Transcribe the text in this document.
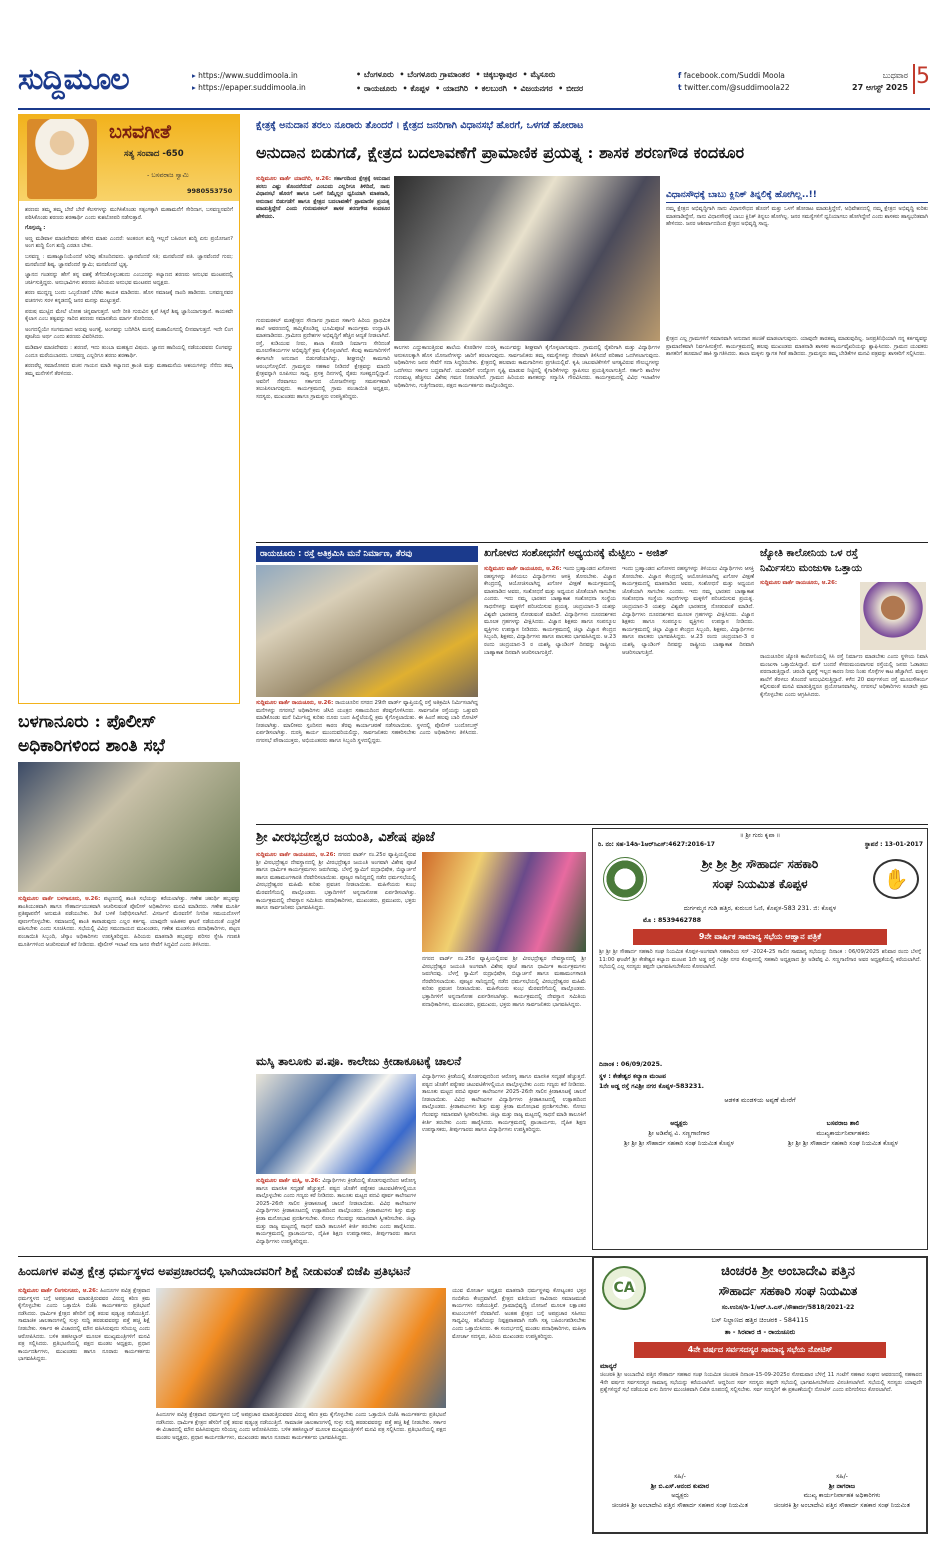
ಸುದ್ದಿಮೂಲ	▸ https://www.suddimoola.in
▸ https://epaper.suddimoola.in
• ಬೆಂಗಳೂರು • ಬೆಂಗಳೂರು ಗ್ರಾಮಾಂತರ • ಚಿಕ್ಕಬಳ್ಳಾಪುರ • ಮೈಸೂರು
• ರಾಯಚೂರು • ಕೊಪ್ಪಳ • ಯಾದಗಿರಿ • ಕಲಬುರಗಿ • ವಿಜಯನಗರ • ಬೀದರ
f facebook.com/Suddi Moola
t twitter.com/@suddimoola22
ಬುಧವಾರ
27 ಆಗಸ್ಟ್ 2025 5
ಬಸವಗೀತೆ
ಸತ್ಯ ಸಂವಾದ -650
- ಬಸವರಾಜ ಸ್ವಾಮಿ
9980553750

ಶರಣರು ತಮ್ಮ ತಮ್ಮ ಬೇರೆ ಬೇರೆ ಕೆಲಸಗಳನ್ನು ಮುಗಿಸಿಕೊಂಡು ಸತ್ಸಂಗಕ್ಕಾಗಿ ಮಹಾಮನೆಗೆ ಸೇರಿದಾಗ, ಬಸವಣ್ಣನವರಿಗೆ ಪಠಿಸಿಕೊಂಡು ಶರಣರು ಶರಣಾರ್ಥಿ ಎಂದು ಕುಶಲೋಪರಿ ನಡೆಸುತ್ತಾರೆ.

ಗೊಗ್ಗಯ್ಯ :

ಅಣ್ಣ ಮಡಿವಾಳ ಮಾಚಿದೇವರು ಹೇಳಿದ ಮಾತು ಎಂದರೆ: ಅಂತರಂಗ ಶುದ್ಧಿ ಇಲ್ಲದೆ ಬಹಿರಂಗ ಶುದ್ಧಿ ಏನು ಪ್ರಯೋಜನ? ಅಂಗ ಶುದ್ಧಿ ಲಿಂಗ ಶುದ್ಧಿ ಎರಡೂ ಬೇಕು.

ಬಸವಣ್ಣ : ಮಹಾಜ್ಞಾನಿಯೆಂದರೆ ಅರಿವು ಹೊಂದಿದವನು. ಜ್ಞಾನವೆಂದರೆ ಸತಿ; ಮನವೆಂದರೆ ಪತಿ. ಜ್ಞಾನವೆಂದರೆ ಗುರು; ಮನವೆಂದರೆ ಶಿಷ್ಯ. ಜ್ಞಾನವೆಂದರೆ ಸ್ವಾಮಿ; ಮನವೆಂದರೆ ಭೃತ್ಯ.

ಜ್ಞಾನದ ಗಂಡನನ್ನು ಹೇಗೆ ತನ್ನ ವಶಕ್ಕೆ ತೆಗೆದುಕೊಳ್ಳಬಹುದು ಎಂಬುದನ್ನು ಕಲ್ಯಾಣದ ಶರಣರು ಅನುಭವ ಮಂಟಪದಲ್ಲಿ ಚರ್ಚಿಸುತ್ತಿದ್ದರು. ಅನುಭಾವಿಗಳು ಶರಣರು ಹಿರಿಯರು ಅನುಭವ ಮಂಟಪದ ಅಧ್ಯಕ್ಷರು.

ಶರಣ ಮುದ್ದಣ್ಣ ಬಂದು ಒಬ್ಬರೊಡನೆ ಬೆರೆತು ಕಾಯಕ ಮಾಡಿದರು. ಹೊಸ ಸಮಾಜಕ್ಕೆ ನಾಂದಿ ಹಾಡಿದರು. ಬಸವಣ್ಣನವರ ವಚನಗಳು ಸರಳ ಕನ್ನಡದಲ್ಲಿ ಜನರ ಮನಸ್ಸು ಮುಟ್ಟುತ್ತವೆ.

ಪರುಷ ಮುಟ್ಟಿದ ಮೇಲೆ ಲೋಹ ಚಿನ್ನವಾಗುತ್ತದೆ. ಅದೇ ರೀತಿ ಗುರುವಿನ ಕೃಪೆ ಸಿಕ್ಕರೆ ಶಿಷ್ಯ ಜ್ಞಾನಿಯಾಗುತ್ತಾನೆ. ಕಾಯಕವೇ ಕೈಲಾಸ ಎಂಬ ತತ್ವವನ್ನು ಸಾರಿದ ಶರಣರು ಸಮಾನತೆಯ ಮಾರ್ಗ ತೋರಿದರು.

ಅಂಗದಲ್ಲಿಯೇ ಸಂಗಮನಾದ ಅರುವು ಅಂಗಕ್ಕೆ, ಅಂಗವನ್ನು ಬದಿಗಿರಿಸಿ ಮನಸ್ಸೆ ಮಹಾಲಿಂಗದಲ್ಲಿ ಲೀನವಾಗುತ್ತದೆ. ಇದೇ ಲಿಂಗ ಪೂಜೆಯ ಅರ್ಥ ಎಂದು ಶರಣರು ವಿವರಿಸಿದರು.

ಮಡಿವಾಳ ಮಾಚಿದೇವರು : ಶರಣರೆ, ಇದು ತುಂಬಾ ಮಹತ್ವದ ವಿಷಯ. ಜ್ಞಾನದ ಹಾದಿಯಲ್ಲಿ ನಡೆಯುವವರು ಲಿಂಗವನ್ನು ಎಂದೂ ಮರೆಯಬಾರದು. ಬಸವಣ್ಣ ಎಲ್ಲರಿಗೂ ಶರಣು ಶರಣಾರ್ಥಿ.

ಶರಣರೆಲ್ಲ ಸಮಾರೋಪದ ವಚನ ಗಾಯನ ಮಾಡಿ ಕಲ್ಯಾಣದ ಕ್ರಾಂತಿ ಮತ್ತು ಮಹಾಮನೆಯ ಆಶಯಗಳನ್ನು ನೆನೆದು ತಮ್ಮ ತಮ್ಮ ಮನೆಗಳಿಗೆ ತೆರಳಿದರು.

ಬಳಗಾನೂರು : ಪೊಲೀಸ್
ಅಧಿಕಾರಿಗಳಿಂದ ಶಾಂತಿ ಸಭೆ
ಸುದ್ದಿಮೂಲ ವಾರ್ತೆ ಬಳಗಾನೂರು, ಆ.26: ಪಟ್ಟಣದಲ್ಲಿ ಶಾಂತಿ ಸಭೆಯನ್ನು ಕರೆಯಲಾಗಿತ್ತು. ಗಣೇಶ ಚತುರ್ಥಿ ಹಬ್ಬವನ್ನು ಶಾಂತಿಯುತವಾಗಿ ಹಾಗೂ ಸೌಹಾರ್ದಯುತವಾಗಿ ಆಚರಿಸುವಂತೆ ಪೊಲೀಸ್ ಅಧಿಕಾರಿಗಳು ಮನವಿ ಮಾಡಿದರು. ಗಣೇಶ ಮೂರ್ತಿ ಪ್ರತಿಷ್ಠಾಪನೆಗೆ ಅನುಮತಿ ಪಡೆಯಬೇಕು. ಡಿಜೆ ಬಳಕೆ ನಿಷೇಧಿಸಲಾಗಿದೆ. ವಿಸರ್ಜನೆ ಮೆರವಣಿಗೆ ನಿಗದಿತ ಸಮಯದೊಳಗೆ ಪೂರ್ಣಗೊಳ್ಳಬೇಕು. ಸಮಾಜದಲ್ಲಿ ಶಾಂತಿ ಕಾಪಾಡುವುದು ಎಲ್ಲರ ಕರ್ತವ್ಯ. ಯಾವುದೇ ಅಹಿತಕರ ಘಟನೆ ನಡೆಯದಂತೆ ಎಚ್ಚರಿಕೆ ವಹಿಸಬೇಕು ಎಂದು ಸೂಚಿಸಿದರು. ಸಭೆಯಲ್ಲಿ ವಿವಿಧ ಸಮುದಾಯದ ಮುಖಂಡರು, ಗಣೇಶ ಮಂಡಳಿಯ ಪದಾಧಿಕಾರಿಗಳು, ಪಟ್ಟಣ ಪಂಚಾಯಿತಿ ಸಿಬ್ಬಂದಿ, ಜೆಸ್ಕಾಂ ಅಧಿಕಾರಿಗಳು ಉಪಸ್ಥಿತರಿದ್ದರು. ಹಿರಿಯರು ಮಾತನಾಡಿ ಹಬ್ಬವನ್ನು ಪರಿಸರ ಸ್ನೇಹಿ ಗಣಪತಿ ಮೂರ್ತಿಗಳಿಂದ ಆಚರಿಸುವಂತೆ ಕರೆ ನೀಡಿದರು. ಪೊಲೀಸ್ ಇಲಾಖೆ ಸದಾ ಜನರ ಸೇವೆಗೆ ಸಿದ್ಧವಿದೆ ಎಂದು ತಿಳಿಸಿದರು.
ಕ್ಷೇತ್ರಕ್ಕೆ ಅನುದಾನ ತರಲು ನೂರಾರು ತೊಂದರೆ । ಕ್ಷೇತ್ರದ ಜನರಿಗಾಗಿ ವಿಧಾನಸಭೆ ಹೊರಗೆ, ಒಳಗಡೆ ಹೋರಾಟ
ಅನುದಾನ ಬಿಡುಗಡೆ, ಕ್ಷೇತ್ರದ ಬದಲಾವಣೆಗೆ ಪ್ರಾಮಾಣಿಕ ಪ್ರಯತ್ನ : ಶಾಸಕ ಶರಣಗೌಡ ಕಂದಕೂರ
ಸುದ್ದಿಮೂಲ ವಾರ್ತೆ ಯಾದಗಿರಿ, ಆ.26: ಸರ್ಕಾರದಿಂದ ಕ್ಷೇತ್ರಕ್ಕೆ ಅನುದಾನ ತರಲು ಎಷ್ಟು ತೊಂದರೆಯಿದೆ ಎಂಬುದು ಎಲ್ಲರಿಗೂ ತಿಳಿದಿದೆ, ನಾನು ವಿಧಾನಸಭೆ ಹೊರಗೆ ಹಾಗೂ ಒಳಗೆ ನಿಮ್ಮೆಲ್ಲರ ಧ್ವನಿಯಾಗಿ ಮಾತನಾಡಿ, ಅನುದಾನ ಬಿಡುಗಡೆಗೆ ಹಾಗೂ ಕ್ಷೇತ್ರದ ಬದಲಾವಣೆಗೆ ಪ್ರಾಮಾಣಿಕ ಪ್ರಯತ್ನ ಮಾಡುತ್ತಿದ್ದೇನೆ ಎಂದು ಗುರುಮಠಕಲ್ ಶಾಸಕ ಶರಣಗೌಡ ಕಂದಕೂರ ಹೇಳಿದರು.
ಗುರುಮಠಕಲ್ ಮತಕ್ಷೇತ್ರದ ಸೌದಾಗರ ಗ್ರಾಮದ ಸರ್ಕಾರಿ ಹಿರಿಯ ಪ್ರಾಥಮಿಕ ಶಾಲೆ ಆವರಣದಲ್ಲಿ ಹಮ್ಮಿಕೊಂಡಿದ್ದ ಭೂಮಿಪೂಜೆ ಕಾರ್ಯಕ್ರಮ ಉದ್ಘಾಟಿಸಿ ಮಾತನಾಡಿದರು. ಗ್ರಾಮೀಣ ಪ್ರದೇಶಗಳ ಅಭಿವೃದ್ಧಿಗೆ ಹೆಚ್ಚಿನ ಆದ್ಯತೆ ನೀಡಲಾಗಿದೆ. ರಸ್ತೆ, ಕುಡಿಯುವ ನೀರು, ಶಾಲಾ ಕೊಠಡಿ ನಿರ್ಮಾಣ ಸೇರಿದಂತೆ ಮೂಲಸೌಕರ್ಯಗಳ ಅಭಿವೃದ್ಧಿಗೆ ಕ್ರಮ ಕೈಗೊಳ್ಳಲಾಗಿದೆ. ಕೆಲವು ಕಾಮಗಾರಿಗಳಿಗೆ ಈಗಾಗಲೇ ಅನುದಾನ ಬಿಡುಗಡೆಯಾಗಿದ್ದು, ಶೀಘ್ರದಲ್ಲೇ ಕಾಮಗಾರಿ ಆರಂಭಗೊಳ್ಳಲಿದೆ. ಗ್ರಾಮಸ್ಥರು ಸಹಕಾರ ನೀಡಿದರೆ ಕ್ಷೇತ್ರವನ್ನು ಮಾದರಿ ಕ್ಷೇತ್ರವನ್ನಾಗಿ ರೂಪಿಸಲು ಸಾಧ್ಯ. ಪ್ರಸಕ್ತ ದಿನಗಳಲ್ಲಿ ರೈತರು ಸಂಕಷ್ಟದಲ್ಲಿದ್ದಾರೆ. ಅವರಿಗೆ ನೆರವಾಗಲು ಸರ್ಕಾರದ ಯೋಜನೆಗಳನ್ನು ಸಮರ್ಪಕವಾಗಿ ತಲುಪಿಸಲಾಗುವುದು. ಕಾರ್ಯಕ್ರಮದಲ್ಲಿ ಗ್ರಾಮ ಪಂಚಾಯಿತಿ ಅಧ್ಯಕ್ಷರು, ಸದಸ್ಯರು, ಮುಖಂಡರು ಹಾಗೂ ಗ್ರಾಮಸ್ಥರು ಉಪಸ್ಥಿತರಿದ್ದರು.
ಕಾಲಗಳು ಎದ್ದುಕಾಣುತ್ತಿರುವ ಶಾಲೆಯ ಕೊಠಡಿಗಳ ದುರಸ್ತಿ ಕಾರ್ಯವನ್ನು ಶೀಘ್ರವಾಗಿ ಕೈಗೊಳ್ಳಲಾಗುವುದು. ಗ್ರಾಮದಲ್ಲಿ ರೈತರಿಗಾಗಿ ಮತ್ತು ವಿದ್ಯಾರ್ಥಿಗಳ ಅನುಕೂಲಕ್ಕಾಗಿ ಹೊಸ ಯೋಜನೆಗಳನ್ನು ಜಾರಿಗೆ ತರಲಾಗುವುದು. ಸಾರ್ವಜನಿಕರು ತಮ್ಮ ಸಮಸ್ಯೆಗಳನ್ನು ನೇರವಾಗಿ ತಿಳಿಸಿದರೆ ಪರಿಹಾರ ಒದಗಿಸಲಾಗುವುದು. ಅಧಿಕಾರಿಗಳು ಜನರ ಸೇವೆಗೆ ಸದಾ ಸಿದ್ಧರಿರಬೇಕು. ಕ್ಷೇತ್ರದಲ್ಲಿ ಹಲವಾರು ಕಾಮಗಾರಿಗಳು ಪ್ರಗತಿಯಲ್ಲಿವೆ. ಕೃಷಿ ಚಟುವಟಿಕೆಗಳಿಗೆ ಅಗತ್ಯವಿರುವ ಸೌಲಭ್ಯಗಳನ್ನು ಒದಗಿಸಲು ಸರ್ಕಾರ ಬದ್ಧವಾಗಿದೆ. ಯುವಕರಿಗೆ ಉದ್ಯೋಗ ಸೃಷ್ಟಿ ಮಾಡುವ ನಿಟ್ಟಿನಲ್ಲಿ ಕೈಗಾರಿಕೆಗಳನ್ನು ಸ್ಥಾಪಿಸಲು ಪ್ರಯತ್ನಿಸಲಾಗುತ್ತಿದೆ. ಸರ್ಕಾರಿ ಶಾಲೆಗಳ ಗುಣಮಟ್ಟ ಹೆಚ್ಚಿಸಲು ವಿಶೇಷ ಗಮನ ನೀಡಲಾಗಿದೆ. ಗ್ರಾಮದ ಹಿರಿಯರು ಶಾಸಕರನ್ನು ಸನ್ಮಾನಿಸಿ ಗೌರವಿಸಿದರು. ಕಾರ್ಯಕ್ರಮದಲ್ಲಿ ವಿವಿಧ ಇಲಾಖೆಗಳ ಅಧಿಕಾರಿಗಳು, ಗುತ್ತಿಗೆದಾರರು, ಪಕ್ಷದ ಕಾರ್ಯಕರ್ತರು ಪಾಲ್ಗೊಂಡಿದ್ದರು.
ವಿಧಾನಸೌಧಕ್ಕೆ ಬಾಬು ಕ್ಲಿನಿಕ್ ತಿನ್ನಲಿಕ್ಕೆ ಹೋಗಿಲ್ಲ..!!
ನಮ್ಮ ಕ್ಷೇತ್ರದ ಅಭಿವೃದ್ಧಿಗಾಗಿ ನಾನು ವಿಧಾನಸೌಧದ ಹೊರಗೆ ಮತ್ತು ಒಳಗೆ ಹೋರಾಟ ಮಾಡುತ್ತಿದ್ದೇನೆ, ಅಧಿವೇಶನದಲ್ಲಿ ನಮ್ಮ ಕ್ಷೇತ್ರದ ಅಭಿವೃದ್ಧಿ ಕುರಿತು ಮಾತನಾಡಿದ್ದೇನೆ, ನಾನು ವಿಧಾನಸೌಧಕ್ಕೆ ಬಾಬು ಕ್ಲಿನಿಕ್ ತಿನ್ನಲು ಹೋಗಿಲ್ಲ. ಜನರ ಸಮಸ್ಯೆಗಳಿಗೆ ಧ್ವನಿಯಾಗಲು ಹೋಗಿದ್ದೇನೆ ಎಂದು ಶಾಸಕರು ಹಾಸ್ಯಭರಿತವಾಗಿ ಹೇಳಿದರು. ಜನರ ಆಶೀರ್ವಾದದಿಂದ ಕ್ಷೇತ್ರದ ಅಭಿವೃದ್ಧಿ ಸಾಧ್ಯ.
ಕ್ಷೇತ್ರದ ಎಲ್ಲ ಗ್ರಾಮಗಳಿಗೆ ಸಮಾನವಾಗಿ ಅನುದಾನ ಹಂಚಿಕೆ ಮಾಡಲಾಗುವುದು. ಯಾವುದೇ ತಾರತಮ್ಯ ಮಾಡುವುದಿಲ್ಲ. ಜನಪ್ರತಿನಿಧಿಯಾಗಿ ನನ್ನ ಕರ್ತವ್ಯವನ್ನು ಪ್ರಾಮಾಣಿಕವಾಗಿ ನಿರ್ವಹಿಸುತ್ತೇನೆ. ಕಾರ್ಯಕ್ರಮದಲ್ಲಿ ಹಲವು ಮುಖಂಡರು ಮಾತನಾಡಿ ಶಾಸಕರ ಕಾರ್ಯವೈಖರಿಯನ್ನು ಶ್ಲಾಘಿಸಿದರು. ಗ್ರಾಮದ ಯುವಕರು ಶಾಸಕರಿಗೆ ಹೂಮಾಲೆ ಹಾಕಿ ಸ್ವಾಗತಿಸಿದರು. ಶಾಲಾ ಮಕ್ಕಳು ಸ್ವಾಗತ ಗೀತೆ ಹಾಡಿದರು. ಗ್ರಾಮಸ್ಥರು ತಮ್ಮ ಬೇಡಿಕೆಗಳ ಮನವಿ ಪತ್ರವನ್ನು ಶಾಸಕರಿಗೆ ಸಲ್ಲಿಸಿದರು.
ರಾಯಚೂರು : ರಸ್ತೆ ಅತಿಕ್ರಮಿಸಿ ಮನೆ ನಿರ್ಮಾಣ, ತೆರವು
ಸುದ್ದಿಮೂಲ ವಾರ್ತೆ ರಾಯಚೂರು, ಆ.26: ರಾಯಚೂರಿನ ನಗರದ 29ನೇ ವಾರ್ಡ್ ವ್ಯಾಪ್ತಿಯಲ್ಲಿ ರಸ್ತೆ ಅತಿಕ್ರಮಿಸಿ ನಿರ್ಮಿಸಲಾಗಿದ್ದ ಮನೆಗಳನ್ನು ನಗರಸಭೆ ಅಧಿಕಾರಿಗಳು ಜೆಸಿಬಿ ಯಂತ್ರದ ಸಹಾಯದಿಂದ ತೆರವುಗೊಳಿಸಿದರು. ಸಾರ್ವಜನಿಕ ರಸ್ತೆಯನ್ನು ಒತ್ತುವರಿ ಮಾಡಿಕೊಂಡು ಮನೆ ನಿರ್ಮಿಸಿದ್ದ ಕುರಿತು ದೂರು ಬಂದ ಹಿನ್ನೆಲೆಯಲ್ಲಿ ಕ್ರಮ ಕೈಗೊಳ್ಳಲಾಯಿತು. ಈ ಹಿಂದೆ ಹಲವು ಬಾರಿ ನೋಟಿಸ್ ನೀಡಲಾಗಿತ್ತು. ಮಾಲೀಕರು ಸ್ಪಂದಿಸದ ಕಾರಣ ತೆರವು ಕಾರ್ಯಾಚರಣೆ ನಡೆಸಲಾಯಿತು. ಸ್ಥಳದಲ್ಲಿ ಪೊಲೀಸ್ ಬಂದೋಬಸ್ತ್ ಏರ್ಪಡಿಸಲಾಗಿತ್ತು. ದುರಸ್ತಿ ಕಾರ್ಯ ಮುಂದುವರಿಯಲಿದ್ದು, ಸಾರ್ವಜನಿಕರು ಸಹಕರಿಸಬೇಕು ಎಂದು ಅಧಿಕಾರಿಗಳು ತಿಳಿಸಿದರು. ನಗರಸಭೆ ಪೌರಾಯುಕ್ತರು, ಅಭಿಯಂತರರು ಹಾಗೂ ಸಿಬ್ಬಂದಿ ಸ್ಥಳದಲ್ಲಿದ್ದರು.
ಖಗೋಳದ ಸಂಶೋಧನೆಗೆ ಅಧ್ಯಯನಕ್ಕೆ ಮೆಟ್ಟಿಲು - ಅಜಿತ್
ಸುದ್ದಿಮೂಲ ವಾರ್ತೆ ರಾಯಚೂರು, ಆ.26: ಇಂದು ಬ್ರಹ್ಮಾಂಡದ ಖಗೋಳದ ರಹಸ್ಯಗಳನ್ನು ತಿಳಿಯಲು ವಿದ್ಯಾರ್ಥಿಗಳು ಆಸಕ್ತಿ ತೋರಬೇಕು. ವಿಜ್ಞಾನ ಕೇಂದ್ರದಲ್ಲಿ ಆಯೋಜಿಸಲಾಗಿದ್ದ ಖಗೋಳ ವೀಕ್ಷಣೆ ಕಾರ್ಯಕ್ರಮದಲ್ಲಿ ಮಾತನಾಡಿದ ಅವರು, ಸಂಶೋಧನೆ ಮತ್ತು ಅಧ್ಯಯನ ಜೊತೆಯಾಗಿ ಸಾಗಬೇಕು ಎಂದರು. ಇದು ನಮ್ಮ ಭಾರತದ ಬಾಹ್ಯಾಕಾಶ ಸಂಶೋಧನಾ ಸಂಸ್ಥೆಯ ಸಾಧನೆಗಳನ್ನು ಮಕ್ಕಳಿಗೆ ಪರಿಚಯಿಸುವ ಪ್ರಯತ್ನ. ಚಂದ್ರಯಾನ-3 ಯಶಸ್ಸು ವಿಶ್ವವೇ ಭಾರತದತ್ತ ನೋಡುವಂತೆ ಮಾಡಿದೆ. ವಿದ್ಯಾರ್ಥಿಗಳು ದೂರದರ್ಶಕದ ಮೂಲಕ ಗ್ರಹಗಳನ್ನು ವೀಕ್ಷಿಸಿದರು. ವಿಜ್ಞಾನ ಶಿಕ್ಷಕರು ಹಾಗೂ ಸಂಪನ್ಮೂಲ ವ್ಯಕ್ತಿಗಳು ಉಪನ್ಯಾಸ ನೀಡಿದರು. ಕಾರ್ಯಕ್ರಮದಲ್ಲಿ ಜಿಲ್ಲಾ ವಿಜ್ಞಾನ ಕೇಂದ್ರದ ಸಿಬ್ಬಂದಿ, ಶಿಕ್ಷಕರು, ವಿದ್ಯಾರ್ಥಿಗಳು ಹಾಗೂ ಪಾಲಕರು ಭಾಗವಹಿಸಿದ್ದರು. ಆ.23 ರಂದು ಚಂದ್ರಯಾನ-3 ರ ಯಶಸ್ವಿ ಲ್ಯಾಂಡಿಂಗ್ ದಿನವನ್ನು ರಾಷ್ಟ್ರೀಯ ಬಾಹ್ಯಾಕಾಶ ದಿನವಾಗಿ ಆಚರಿಸಲಾಗುತ್ತಿದೆ.
ಇಂದು ಬ್ರಹ್ಮಾಂಡದ ಖಗೋಳದ ರಹಸ್ಯಗಳನ್ನು ತಿಳಿಯಲು ವಿದ್ಯಾರ್ಥಿಗಳು ಆಸಕ್ತಿ ತೋರಬೇಕು. ವಿಜ್ಞಾನ ಕೇಂದ್ರದಲ್ಲಿ ಆಯೋಜಿಸಲಾಗಿದ್ದ ಖಗೋಳ ವೀಕ್ಷಣೆ ಕಾರ್ಯಕ್ರಮದಲ್ಲಿ ಮಾತನಾಡಿದ ಅವರು, ಸಂಶೋಧನೆ ಮತ್ತು ಅಧ್ಯಯನ ಜೊತೆಯಾಗಿ ಸಾಗಬೇಕು ಎಂದರು. ಇದು ನಮ್ಮ ಭಾರತದ ಬಾಹ್ಯಾಕಾಶ ಸಂಶೋಧನಾ ಸಂಸ್ಥೆಯ ಸಾಧನೆಗಳನ್ನು ಮಕ್ಕಳಿಗೆ ಪರಿಚಯಿಸುವ ಪ್ರಯತ್ನ. ಚಂದ್ರಯಾನ-3 ಯಶಸ್ಸು ವಿಶ್ವವೇ ಭಾರತದತ್ತ ನೋಡುವಂತೆ ಮಾಡಿದೆ. ವಿದ್ಯಾರ್ಥಿಗಳು ದೂರದರ್ಶಕದ ಮೂಲಕ ಗ್ರಹಗಳನ್ನು ವೀಕ್ಷಿಸಿದರು. ವಿಜ್ಞಾನ ಶಿಕ್ಷಕರು ಹಾಗೂ ಸಂಪನ್ಮೂಲ ವ್ಯಕ್ತಿಗಳು ಉಪನ್ಯಾಸ ನೀಡಿದರು. ಕಾರ್ಯಕ್ರಮದಲ್ಲಿ ಜಿಲ್ಲಾ ವಿಜ್ಞಾನ ಕೇಂದ್ರದ ಸಿಬ್ಬಂದಿ, ಶಿಕ್ಷಕರು, ವಿದ್ಯಾರ್ಥಿಗಳು ಹಾಗೂ ಪಾಲಕರು ಭಾಗವಹಿಸಿದ್ದರು. ಆ.23 ರಂದು ಚಂದ್ರಯಾನ-3 ರ ಯಶಸ್ವಿ ಲ್ಯಾಂಡಿಂಗ್ ದಿನವನ್ನು ರಾಷ್ಟ್ರೀಯ ಬಾಹ್ಯಾಕಾಶ ದಿನವಾಗಿ ಆಚರಿಸಲಾಗುತ್ತಿದೆ.
ಜ್ಯೋತಿ ಕಾಲೋನಿಯ ಒಳ ರಸ್ತೆ
ನಿರ್ಮಿಸಲು ಮಂಜುಳಾ ಒತ್ತಾಯ
ಸುದ್ದಿಮೂಲ ವಾರ್ತೆ ರಾಯಚೂರು, ಆ.26:
ರಾಯಚೂರಿನ ಜ್ಯೋತಿ ಕಾಲೋನಿಯಲ್ಲಿ ಸಿಸಿ ರಸ್ತೆ ನಿರ್ಮಾಣ ಮಾಡಬೇಕು ಎಂದು ಸ್ಥಳೀಯ ನಿವಾಸಿ ಮಂಜುಳಾ ಒತ್ತಾಯಿಸಿದ್ದಾರೆ. ಮಳೆ ಬಂದರೆ ಕೆಸರುಮಯವಾಗುವ ರಸ್ತೆಯಲ್ಲಿ ಜನರು ಓಡಾಡಲು ಪರದಾಡುತ್ತಿದ್ದಾರೆ. ಚರಂಡಿ ವ್ಯವಸ್ಥೆ ಇಲ್ಲದ ಕಾರಣ ನೀರು ನಿಂತು ಸೊಳ್ಳೆಗಳ ಕಾಟ ಹೆಚ್ಚಾಗಿದೆ. ಮಕ್ಕಳು ಶಾಲೆಗೆ ತೆರಳಲು ತೊಂದರೆ ಅನುಭವಿಸುತ್ತಿದ್ದಾರೆ. ಕಳೆದ 20 ವರ್ಷಗಳಿಂದ ರಸ್ತೆ ಮೂಲಸೌಕರ್ಯ ಕಲ್ಪಿಸುವಂತೆ ಮನವಿ ಮಾಡುತ್ತಿದ್ದರೂ ಪ್ರಯೋಜನವಾಗಿಲ್ಲ. ನಗರಸಭೆ ಅಧಿಕಾರಿಗಳು ಕೂಡಲೇ ಕ್ರಮ ಕೈಗೊಳ್ಳಬೇಕು ಎಂದು ಆಗ್ರಹಿಸಿದರು.
ಶ್ರೀ ವೀರಭದ್ರೇಶ್ವರ ಜಯಂತಿ, ವಿಶೇಷ ಪೂಜೆ
ಸುದ್ದಿಮೂಲ ವಾರ್ತೆ ರಾಯಚೂರು, ಆ.26: ನಗರದ ವಾರ್ಡ್ ನಂ.25ರ ವ್ಯಾಪ್ತಿಯಲ್ಲಿರುವ ಶ್ರೀ ವೀರಭದ್ರೇಶ್ವರ ದೇವಸ್ಥಾನದಲ್ಲಿ ಶ್ರೀ ವೀರಭದ್ರೇಶ್ವರ ಜಯಂತಿ ಅಂಗವಾಗಿ ವಿಶೇಷ ಪೂಜೆ ಹಾಗೂ ಧಾರ್ಮಿಕ ಕಾರ್ಯಕ್ರಮಗಳು ಜರುಗಿದವು. ಬೆಳಗ್ಗೆ ಸ್ವಾಮಿಗೆ ರುದ್ರಾಭಿಷೇಕ, ಬಿಲ್ವಾರ್ಚನೆ ಹಾಗೂ ಮಹಾಮಂಗಳಾರತಿ ನೆರವೇರಿಸಲಾಯಿತು. ಪೂಜ್ಯರ ಸಾನಿಧ್ಯದಲ್ಲಿ ನಡೆದ ಧರ್ಮಸಭೆಯಲ್ಲಿ ವೀರಭದ್ರೇಶ್ವರರ ಮಹಿಮೆ ಕುರಿತು ಪ್ರವಚನ ನೀಡಲಾಯಿತು. ಮಹಿಳೆಯರು ಕುಂಭ ಮೆರವಣಿಗೆಯಲ್ಲಿ ಪಾಲ್ಗೊಂಡರು. ಭಕ್ತಾದಿಗಳಿಗೆ ಅನ್ನದಾಸೋಹ ಏರ್ಪಡಿಸಲಾಗಿತ್ತು. ಕಾರ್ಯಕ್ರಮದಲ್ಲಿ ದೇವಸ್ಥಾನ ಸಮಿತಿಯ ಪದಾಧಿಕಾರಿಗಳು, ಮುಖಂಡರು, ಪ್ರಮುಖರು, ಭಕ್ತರು ಹಾಗೂ ಸಾರ್ವಜನಿಕರು ಭಾಗವಹಿಸಿದ್ದರು.
ನಗರದ ವಾರ್ಡ್ ನಂ.25ರ ವ್ಯಾಪ್ತಿಯಲ್ಲಿರುವ ಶ್ರೀ ವೀರಭದ್ರೇಶ್ವರ ದೇವಸ್ಥಾನದಲ್ಲಿ ಶ್ರೀ ವೀರಭದ್ರೇಶ್ವರ ಜಯಂತಿ ಅಂಗವಾಗಿ ವಿಶೇಷ ಪೂಜೆ ಹಾಗೂ ಧಾರ್ಮಿಕ ಕಾರ್ಯಕ್ರಮಗಳು ಜರುಗಿದವು. ಬೆಳಗ್ಗೆ ಸ್ವಾಮಿಗೆ ರುದ್ರಾಭಿಷೇಕ, ಬಿಲ್ವಾರ್ಚನೆ ಹಾಗೂ ಮಹಾಮಂಗಳಾರತಿ ನೆರವೇರಿಸಲಾಯಿತು. ಪೂಜ್ಯರ ಸಾನಿಧ್ಯದಲ್ಲಿ ನಡೆದ ಧರ್ಮಸಭೆಯಲ್ಲಿ ವೀರಭದ್ರೇಶ್ವರರ ಮಹಿಮೆ ಕುರಿತು ಪ್ರವಚನ ನೀಡಲಾಯಿತು. ಮಹಿಳೆಯರು ಕುಂಭ ಮೆರವಣಿಗೆಯಲ್ಲಿ ಪಾಲ್ಗೊಂಡರು. ಭಕ್ತಾದಿಗಳಿಗೆ ಅನ್ನದಾಸೋಹ ಏರ್ಪಡಿಸಲಾಗಿತ್ತು. ಕಾರ್ಯಕ್ರಮದಲ್ಲಿ ದೇವಸ್ಥಾನ ಸಮಿತಿಯ ಪದಾಧಿಕಾರಿಗಳು, ಮುಖಂಡರು, ಪ್ರಮುಖರು, ಭಕ್ತರು ಹಾಗೂ ಸಾರ್ವಜನಿಕರು ಭಾಗವಹಿಸಿದ್ದರು.
ಮಸ್ಕಿ ತಾಲೂಕು ಪ.ಪೂ. ಕಾಲೇಜು ಕ್ರೀಡಾಕೂಟಕ್ಕೆ ಚಾಲನೆ
ಸುದ್ದಿಮೂಲ ವಾರ್ತೆ ಮಸ್ಕಿ, ಆ.26: ವಿದ್ಯಾರ್ಥಿಗಳು ಕ್ರೀಡೆಯಲ್ಲಿ ತೊಡಗುವುದರಿಂದ ಆರೋಗ್ಯ ಹಾಗೂ ಮಾನಸಿಕ ಸದೃಢತೆ ಹೆಚ್ಚುತ್ತದೆ. ಪಠ್ಯದ ಜೊತೆಗೆ ಪಠ್ಯೇತರ ಚಟುವಟಿಕೆಗಳಲ್ಲಿಯೂ ಪಾಲ್ಗೊಳ್ಳಬೇಕು ಎಂದು ಗಣ್ಯರು ಕರೆ ನೀಡಿದರು. ತಾಲೂಕು ಮಟ್ಟದ ಪದವಿ ಪೂರ್ವ ಕಾಲೇಜುಗಳ 2025-26ನೇ ಸಾಲಿನ ಕ್ರೀಡಾಕೂಟಕ್ಕೆ ಚಾಲನೆ ನೀಡಲಾಯಿತು. ವಿವಿಧ ಕಾಲೇಜುಗಳ ವಿದ್ಯಾರ್ಥಿಗಳು ಕ್ರೀಡಾಕೂಟದಲ್ಲಿ ಉತ್ಸಾಹದಿಂದ ಪಾಲ್ಗೊಂಡರು. ಕ್ರೀಡಾಪಟುಗಳು ಶಿಸ್ತು ಮತ್ತು ಕ್ರೀಡಾ ಮನೋಭಾವ ಪ್ರದರ್ಶಿಸಬೇಕು. ಸೋಲು ಗೆಲುವನ್ನು ಸಮಾನವಾಗಿ ಸ್ವೀಕರಿಸಬೇಕು. ಜಿಲ್ಲಾ ಮತ್ತು ರಾಜ್ಯ ಮಟ್ಟದಲ್ಲಿ ಸಾಧನೆ ಮಾಡಿ ತಾಲೂಕಿಗೆ ಕೀರ್ತಿ ತರಬೇಕು ಎಂದು ಹಾರೈಸಿದರು. ಕಾರ್ಯಕ್ರಮದಲ್ಲಿ ಪ್ರಾಚಾರ್ಯರು, ದೈಹಿಕ ಶಿಕ್ಷಣ ಉಪನ್ಯಾಸಕರು, ತೀರ್ಪುಗಾರರು ಹಾಗೂ ವಿದ್ಯಾರ್ಥಿಗಳು ಉಪಸ್ಥಿತರಿದ್ದರು.
ವಿದ್ಯಾರ್ಥಿಗಳು ಕ್ರೀಡೆಯಲ್ಲಿ ತೊಡಗುವುದರಿಂದ ಆರೋಗ್ಯ ಹಾಗೂ ಮಾನಸಿಕ ಸದೃಢತೆ ಹೆಚ್ಚುತ್ತದೆ. ಪಠ್ಯದ ಜೊತೆಗೆ ಪಠ್ಯೇತರ ಚಟುವಟಿಕೆಗಳಲ್ಲಿಯೂ ಪಾಲ್ಗೊಳ್ಳಬೇಕು ಎಂದು ಗಣ್ಯರು ಕರೆ ನೀಡಿದರು. ತಾಲೂಕು ಮಟ್ಟದ ಪದವಿ ಪೂರ್ವ ಕಾಲೇಜುಗಳ 2025-26ನೇ ಸಾಲಿನ ಕ್ರೀಡಾಕೂಟಕ್ಕೆ ಚಾಲನೆ ನೀಡಲಾಯಿತು. ವಿವಿಧ ಕಾಲೇಜುಗಳ ವಿದ್ಯಾರ್ಥಿಗಳು ಕ್ರೀಡಾಕೂಟದಲ್ಲಿ ಉತ್ಸಾಹದಿಂದ ಪಾಲ್ಗೊಂಡರು. ಕ್ರೀಡಾಪಟುಗಳು ಶಿಸ್ತು ಮತ್ತು ಕ್ರೀಡಾ ಮನೋಭಾವ ಪ್ರದರ್ಶಿಸಬೇಕು. ಸೋಲು ಗೆಲುವನ್ನು ಸಮಾನವಾಗಿ ಸ್ವೀಕರಿಸಬೇಕು. ಜಿಲ್ಲಾ ಮತ್ತು ರಾಜ್ಯ ಮಟ್ಟದಲ್ಲಿ ಸಾಧನೆ ಮಾಡಿ ತಾಲೂಕಿಗೆ ಕೀರ್ತಿ ತರಬೇಕು ಎಂದು ಹಾರೈಸಿದರು. ಕಾರ್ಯಕ್ರಮದಲ್ಲಿ ಪ್ರಾಚಾರ್ಯರು, ದೈಹಿಕ ಶಿಕ್ಷಣ ಉಪನ್ಯಾಸಕರು, ತೀರ್ಪುಗಾರರು ಹಾಗೂ ವಿದ್ಯಾರ್ಥಿಗಳು ಉಪಸ್ಥಿತರಿದ್ದರು.
॥ ಶ್ರೀ ಗುರು ಕೃಪಾ ॥
ರಿ. ನಂ: ಸಹ-14ಡಿ-1ಆರ್‌ಸಿಎಸ್:4627:2016-17	ಸ್ಥಾಪನೆ : 13-01-2017
✋
ಶ್ರೀ ಶ್ರೀ ಶ್ರೀ ಸೌಹಾರ್ದ ಸಹಕಾರಿ
ಸಂಘ ನಿಯಮಿತ ಕೊಪ್ಪಳ
ದುರ್ಗಮ್ಮನ ಗುಡಿ ಹತ್ತಿರ, ಕುರುಬರ ಓಣಿ, ಕೊಪ್ಪಳ-583 231. ಜಿ: ಕೊಪ್ಪಳ
ಮೊ : 8539462788
9ನೇ ವಾರ್ಷಿಕ ಸಾಮಾನ್ಯ ಸಭೆಯ ಆಹ್ವಾನ ಪತ್ರಿಕೆ
ಶ್ರೀ ಶ್ರೀ ಶ್ರೀ ಸೌಹಾರ್ದ ಸಹಕಾರಿ ಸಂಘ ನಿಯಮಿತ ಕೊಪ್ಪಳ-ಅಂಗವಾಗಿ ಸಹಕಾರಿಯ ಸನ್ -2024-25 ಸಾಲಿನ ಸಾಮಾನ್ಯ ಸಭೆಯನ್ನು ದಿನಾಂಕ : 06/09/2025 ಶನಿವಾರ ರಂದು ಬೆಳಗ್ಗೆ 11:00 ಘಂಟೆಗೆ ಶ್ರೀ ಕೇತೇಶ್ವರ ಕಲ್ಯಾಣ ಮಂಟಪ 1ನೇ ಅಡ್ಡ ರಸ್ತೆ ಗವಿಶ್ರೀ ನಗರ ಕೊಪ್ಪಳದಲ್ಲಿ ಸಹಕಾರಿ ಅಧ್ಯಕ್ಷರಾದ ಶ್ರೀ ಅಡಿವೆಪ್ಪ ವಿ. ಸಣ್ಣಗಾಣಿಗಾರ ಅವರ ಅಧ್ಯಕ್ಷತೆಯಲ್ಲಿ ಕರೆಯಲಾಗಿದೆ. ಸಭೆಯಲ್ಲಿ ಎಲ್ಲ ಸದಸ್ಯರು ತಪ್ಪದೇ ಭಾಗವಹಿಸಬೇಕೆಂದು ಕೋರಲಾಗಿದೆ.
ದಿನಾಂಕ : 06/09/2025.
ಸ್ಥಳ : ಕೇತೇಶ್ವರ ಕಲ್ಯಾಣ ಮಂಟಪ
1ನೇ ಅಡ್ಡ ರಸ್ತೆ ಗವಿಶ್ರೀ ನಗರ ಕೊಪ್ಪಳ-583231.
ಆಡಳಿತ ಮಂಡಳಿಯ ಅಪ್ಪಣೆ ಮೇರೆಗೆ
ಅಧ್ಯಕ್ಷರು
ಶ್ರೀ ಅಡಿವೆಪ್ಪ ವಿ. ಸಣ್ಣಗಾಣಿಗಾರ
ಶ್ರೀ ಶ್ರೀ ಶ್ರೀ ಸೌಹಾರ್ದ ಸಹಕಾರಿ ಸಂಘ ನಿಯಮಿತ ಕೊಪ್ಪಳ
ಬಸವರಾಜ ಶಾಲಿ
ಮುಖ್ಯಕಾರ್ಯನಿರ್ವಾಹಕರು
ಶ್ರೀ ಶ್ರೀ ಶ್ರೀ ಸೌಹಾರ್ದ ಸಹಕಾರಿ ಸಂಘ ನಿಯಮಿತ ಕೊಪ್ಪಳ
ಹಿಂದೂಗಳ ಪವಿತ್ರ ಕ್ಷೇತ್ರ ಧರ್ಮಸ್ಥಳದ ಅಪಪ್ರಚಾರದಲ್ಲಿ ಭಾಗಿಯಾದವರಿಗೆ ಶಿಕ್ಷೆ ನೀಡುವಂತೆ ಬಿಜೆಪಿ ಪ್ರತಿಭಟನೆ
ಸುದ್ದಿಮೂಲ ವಾರ್ತೆ ಲಿಂಗಸುಗೂರು, ಆ.26: ಹಿಂದೂಗಳ ಪವಿತ್ರ ಕ್ಷೇತ್ರವಾದ ಧರ್ಮಸ್ಥಳದ ಬಗ್ಗೆ ಅಪಪ್ರಚಾರ ಮಾಡುತ್ತಿರುವವರ ವಿರುದ್ಧ ಕಠಿಣ ಕ್ರಮ ಕೈಗೊಳ್ಳಬೇಕು ಎಂದು ಒತ್ತಾಯಿಸಿ ಬಿಜೆಪಿ ಕಾರ್ಯಕರ್ತರು ಪ್ರತಿಭಟನೆ ನಡೆಸಿದರು. ಧಾರ್ಮಿಕ ಕ್ಷೇತ್ರದ ಹೆಸರಿಗೆ ಧಕ್ಕೆ ತರುವ ಷಡ್ಯಂತ್ರ ನಡೆಯುತ್ತಿದೆ. ಸಾಮಾಜಿಕ ಜಾಲತಾಣಗಳಲ್ಲಿ ಸುಳ್ಳು ಸುದ್ದಿ ಹರಡುವವರನ್ನು ಪತ್ತೆ ಹಚ್ಚಿ ಶಿಕ್ಷೆ ನೀಡಬೇಕು. ಸರ್ಕಾರ ಈ ವಿಚಾರದಲ್ಲಿ ಮೌನ ವಹಿಸಿರುವುದು ಸರಿಯಲ್ಲ ಎಂದು ಆರೋಪಿಸಿದರು. ಬಳಿಕ ತಹಸೀಲ್ದಾರ್ ಮೂಲಕ ಮುಖ್ಯಮಂತ್ರಿಗಳಿಗೆ ಮನವಿ ಪತ್ರ ಸಲ್ಲಿಸಿದರು. ಪ್ರತಿಭಟನೆಯಲ್ಲಿ ಪಕ್ಷದ ಮಂಡಲ ಅಧ್ಯಕ್ಷರು, ಪ್ರಧಾನ ಕಾರ್ಯದರ್ಶಿಗಳು, ಮುಖಂಡರು ಹಾಗೂ ನೂರಾರು ಕಾರ್ಯಕರ್ತರು ಭಾಗವಹಿಸಿದ್ದರು.
ಹಿಂದೂಗಳ ಪವಿತ್ರ ಕ್ಷೇತ್ರವಾದ ಧರ್ಮಸ್ಥಳದ ಬಗ್ಗೆ ಅಪಪ್ರಚಾರ ಮಾಡುತ್ತಿರುವವರ ವಿರುದ್ಧ ಕಠಿಣ ಕ್ರಮ ಕೈಗೊಳ್ಳಬೇಕು ಎಂದು ಒತ್ತಾಯಿಸಿ ಬಿಜೆಪಿ ಕಾರ್ಯಕರ್ತರು ಪ್ರತಿಭಟನೆ ನಡೆಸಿದರು. ಧಾರ್ಮಿಕ ಕ್ಷೇತ್ರದ ಹೆಸರಿಗೆ ಧಕ್ಕೆ ತರುವ ಷಡ್ಯಂತ್ರ ನಡೆಯುತ್ತಿದೆ. ಸಾಮಾಜಿಕ ಜಾಲತಾಣಗಳಲ್ಲಿ ಸುಳ್ಳು ಸುದ್ದಿ ಹರಡುವವರನ್ನು ಪತ್ತೆ ಹಚ್ಚಿ ಶಿಕ್ಷೆ ನೀಡಬೇಕು. ಸರ್ಕಾರ ಈ ವಿಚಾರದಲ್ಲಿ ಮೌನ ವಹಿಸಿರುವುದು ಸರಿಯಲ್ಲ ಎಂದು ಆರೋಪಿಸಿದರು. ಬಳಿಕ ತಹಸೀಲ್ದಾರ್ ಮೂಲಕ ಮುಖ್ಯಮಂತ್ರಿಗಳಿಗೆ ಮನವಿ ಪತ್ರ ಸಲ್ಲಿಸಿದರು. ಪ್ರತಿಭಟನೆಯಲ್ಲಿ ಪಕ್ಷದ ಮಂಡಲ ಅಧ್ಯಕ್ಷರು, ಪ್ರಧಾನ ಕಾರ್ಯದರ್ಶಿಗಳು, ಮುಖಂಡರು ಹಾಗೂ ನೂರಾರು ಕಾರ್ಯಕರ್ತರು ಭಾಗವಹಿಸಿದ್ದರು.
ಯುವ ಮೋರ್ಚಾ ಅಧ್ಯಕ್ಷರು ಮಾತನಾಡಿ ಧರ್ಮಸ್ಥಳವು ಕೋಟ್ಯಂತರ ಭಕ್ತರ ನಂಬಿಕೆಯ ಕೇಂದ್ರವಾಗಿದೆ. ಕ್ಷೇತ್ರದ ವತಿಯಿಂದ ಸಾವಿರಾರು ಸಮಾಜಮುಖಿ ಕಾರ್ಯಗಳು ನಡೆಯುತ್ತಿವೆ. ಗ್ರಾಮಾಭಿವೃದ್ಧಿ ಯೋಜನೆ ಮೂಲಕ ಲಕ್ಷಾಂತರ ಕುಟುಂಬಗಳಿಗೆ ನೆರವಾಗಿದೆ. ಅಂತಹ ಕ್ಷೇತ್ರದ ಬಗ್ಗೆ ಅಪಪ್ರಚಾರ ಸಹಿಸಲು ಸಾಧ್ಯವಿಲ್ಲ. ತನಿಖೆಯನ್ನು ನಿಷ್ಪಕ್ಷಪಾತವಾಗಿ ನಡೆಸಿ ಸತ್ಯ ಬಹಿರಂಗಪಡಿಸಬೇಕು ಎಂದು ಒತ್ತಾಯಿಸಿದರು. ಈ ಸಂದರ್ಭದಲ್ಲಿ ಮಂಡಲ ಪದಾಧಿಕಾರಿಗಳು, ಮಹಿಳಾ ಮೋರ್ಚಾ ಸದಸ್ಯರು, ಹಿರಿಯ ಮುಖಂಡರು ಉಪಸ್ಥಿತರಿದ್ದರು.
CA
ಚಿಂಚರಕಿ ಶ್ರೀ ಅಂಬಾದೇವಿ ಪತ್ತಿನ
ಸೌಹಾರ್ದ ಸಹಕಾರಿ ಸಂಘ ನಿಯಮಿತ
ಸಂ.ಉನಿಸ/ಡಿ-1/ಆರ್.ಸಿ.ಎಸ್./ಸೌಹಾರ್ದ/5818/2021-22
ಬಸ್ ನಿಲ್ದಾಣದ ಹತ್ತಿರ ಚಿಂಚರಕಿ - 584115
ತಾ - ಸಿರವಾರ ಜಿ - ರಾಯಚೂರು
4ನೇ ವರ್ಷದ ಸರ್ವಸದಸ್ಯರ ಸಾಮಾನ್ಯ ಸಭೆಯ ನೋಟಿಸ್
ಮಾನ್ಯರೆ
ಚಿಂಚರಕಿ ಶ್ರೀ ಅಂಬಾದೇವಿ ಪತ್ತಿನ ಸೌಹಾರ್ದ ಸಹಕಾರ ಸಂಘ ನಿಯಮಿತ ಚಿಂಚರಕಿ ದಿನಾಂಕ-15-09-2025ರ ಸೋಮವಾರ ಬೆಳಿಗ್ಗೆ 11 ಗಂಟೆಗೆ ಸಹಕಾರ ಸಂಘದ ಆವರಣದಲ್ಲಿ ಸಹಕಾರದ 4ನೇ ವರ್ಷದ ಸರ್ವಸದಸ್ಯರ ಸಾಮಾನ್ಯ ಸಭೆಯನ್ನು ಕರೆಯಲಾಗಿದೆ. ಆದ್ದರಿಂದ ಸರ್ವ ಸದಸ್ಯರು ತಪ್ಪದೇ ಸಭೆಯಲ್ಲಿ ಭಾಗವಹಿಸಬೇಕೆಂದು ವಿನಂತಿಸಲಾಗಿದೆ. ಸಭೆಯಲ್ಲಿ ಸದಸ್ಯರು ಯಾವುದೇ ಪ್ರಶ್ನೆಗಳಿದ್ದರೆ ಸಭೆ ನಡೆಯುವ ಏಳು ದಿನಗಳ ಮುಂಚಿತವಾಗಿ ಲಿಖಿತ ರೂಪದಲ್ಲಿ ಸಲ್ಲಿಸಬೇಕು. ಸರ್ವ ಸದಸ್ಯರಿಗೆ ಈ ಪ್ರಕಟಣೆಯನ್ನೇ ನೋಟಿಸ್ ಎಂದು ಪರಿಗಣಿಸಲು ಕೋರಲಾಗಿದೆ.
ಸಹಿ/-
ಶ್ರೀ ಬಿ.ಎಸ್.ಆನಂದ ಕುಮಾರ
ಅಧ್ಯಕ್ಷರು
ಚಿಂಚರಕಿ ಶ್ರೀ ಅಂಬಾದೇವಿ ಪತ್ತಿನ ಸೌಹಾರ್ದ ಸಹಕಾರ ಸಂಘ ನಿಯಮಿತ
ಸಹಿ/-
ಶ್ರೀ ನಾಗರಾಜ
ಮುಖ್ಯ ಕಾರ್ಯನಿರ್ವಾಹಕ ಅಧಿಕಾರಿಗಳು
ಚಿಂಚರಕಿ ಶ್ರೀ ಅಂಬಾದೇವಿ ಪತ್ತಿನ ಸೌಹಾರ್ದ ಸಹಕಾರ ಸಂಘ ನಿಯಮಿತ
